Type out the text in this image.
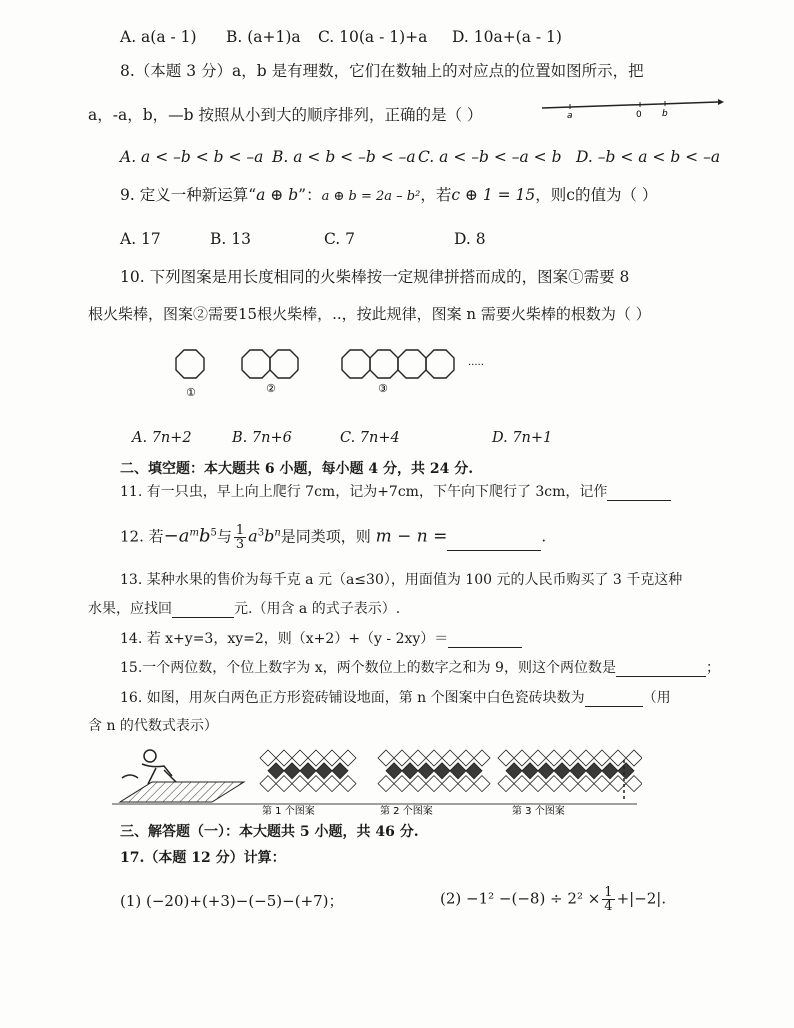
A. a(a - 1) B. (a+1)a C. 10(a - 1)+a D. 10a+(a - 1)
8.（本题 3 分）a，b 是有理数，它们在数轴上的对应点的位置如图所示，把
a，-a，b，—b 按照从小到大的顺序排列，正确的是（ ）	a	0 b
A. a < –b < b < –a B. a < b < –b < –a C. a < –b < –a < b D. –b < a < b < –a
9. 定义一种新运算“a ⊕ b”：a ⊕ b = 2a – b²，若c ⊕ 1 = 15，则c的值为（ ）
A. 17	B. 13	C. 7	D. 8
10. 下列图案是用长度相同的火柴棒按一定规律拼搭而成的，图案①需要 8
根火柴棒，图案②需要15根火柴棒，..，按此规律，图案 n 需要火柴棒的根数为（ ）
①	②	③
·····
A. 7n+2	B. 7n+6	C. 7n+4	D. 7n+1
二、填空题：本大题共 6 小题，每小题 4 分，共 24 分.
11. 有一只虫，早上向上爬行 7cm，记为+7cm，下午向下爬行了 3cm，记作
12. 若$-a^mb^5$与 $\frac{1}{3} a^3b^n$是同类项，则 m − n =	.
13. 某种水果的售价为每千克 a 元（a≤30），用面值为 100 元的人民币购买了 3 千克这种
水果，应找回	元.（用含 a 的式子表示）.
14. 若 x+y=3，xy=2，则（x+2）+（y - 2xy）＝
15.一个两位数，个位上数字为 x，两个数位上的数字之和为 9，则这个两位数是	；
16. 如图，用灰白两色正方形瓷砖铺设地面，第 n 个图案中白色瓷砖块数为	（用
含 n 的代数式表示）
第 1 个图案	第 2 个图案	第 3 个图案
三、解答题（一）：本大题共 5 小题，共 46 分.
17.（本题 12 分）计算：
(1) (−20)+(+3)−(−5)−(+7)；	$(2) -1^2 -(-8) \div 2^2 \times \frac{1}{4} +|-2|$.
